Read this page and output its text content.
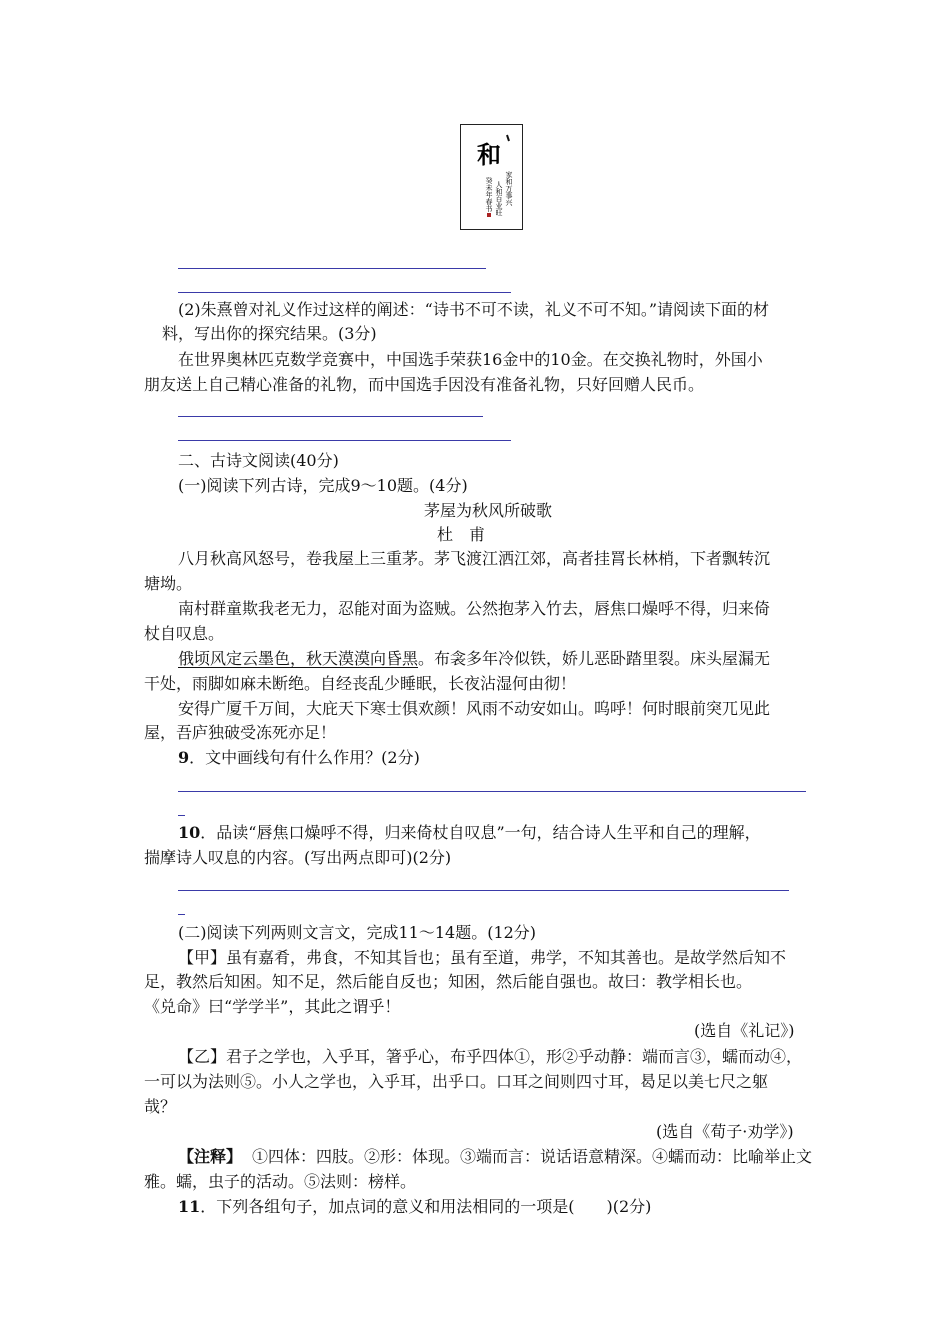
和
家和万事兴
人和百业旺
癸未年春书
(2)朱熹曾对礼义作过这样的阐述：“诗书不可不读，礼义不可不知。”请阅读下面的材
料，写出你的探究结果。(3分)
在世界奥林匹克数学竞赛中，中国选手荣获16金中的10金。在交换礼物时，外国小
朋友送上自己精心准备的礼物，而中国选手因没有准备礼物，只好回赠人民币。
二、古诗文阅读(40分)
(一)阅读下列古诗，完成9～10题。(4分)
茅屋为秋风所破歌
杜　甫
八月秋高风怒号，卷我屋上三重茅。茅飞渡江洒江郊，高者挂罥长林梢，下者飘转沉
塘坳。
南村群童欺我老无力，忍能对面为盗贼。公然抱茅入竹去，唇焦口燥呼不得，归来倚
杖自叹息。
俄顷风定云墨色，秋天漠漠向昏黑。布衾多年冷似铁，娇儿恶卧踏里裂。床头屋漏无
干处，雨脚如麻未断绝。自经丧乱少睡眠，长夜沾湿何由彻！
安得广厦千万间，大庇天下寒士俱欢颜！风雨不动安如山。呜呼！何时眼前突兀见此
屋，吾庐独破受冻死亦足！
9．文中画线句有什么作用？(2分)
10．品读“唇焦口燥呼不得，归来倚杖自叹息”一句，结合诗人生平和自己的理解，
揣摩诗人叹息的内容。(写出两点即可)(2分)
(二)阅读下列两则文言文，完成11～14题。(12分)
【甲】虽有嘉肴，弗食，不知其旨也；虽有至道，弗学，不知其善也。是故学然后知不
足，教然后知困。知不足，然后能自反也；知困，然后能自强也。故曰：教学相长也。
《兑命》曰“学学半”，其此之谓乎！
(选自《礼记》)
【乙】君子之学也，入乎耳，箸乎心，布乎四体①，形②乎动静：端而言③，蠕而动④，
一可以为法则⑤。小人之学也，入乎耳，出乎口。口耳之间则四寸耳，曷足以美七尺之躯
哉？
(选自《荀子·劝学》)
【注释】 ①四体：四肢。②形：体现。③端而言：说话语意精深。④蠕而动：比喻举止文
雅。蠕，虫子的活动。⑤法则：榜样。
11．下列各组句子，加点词的意义和用法相同的一项是(　　)(2分)
